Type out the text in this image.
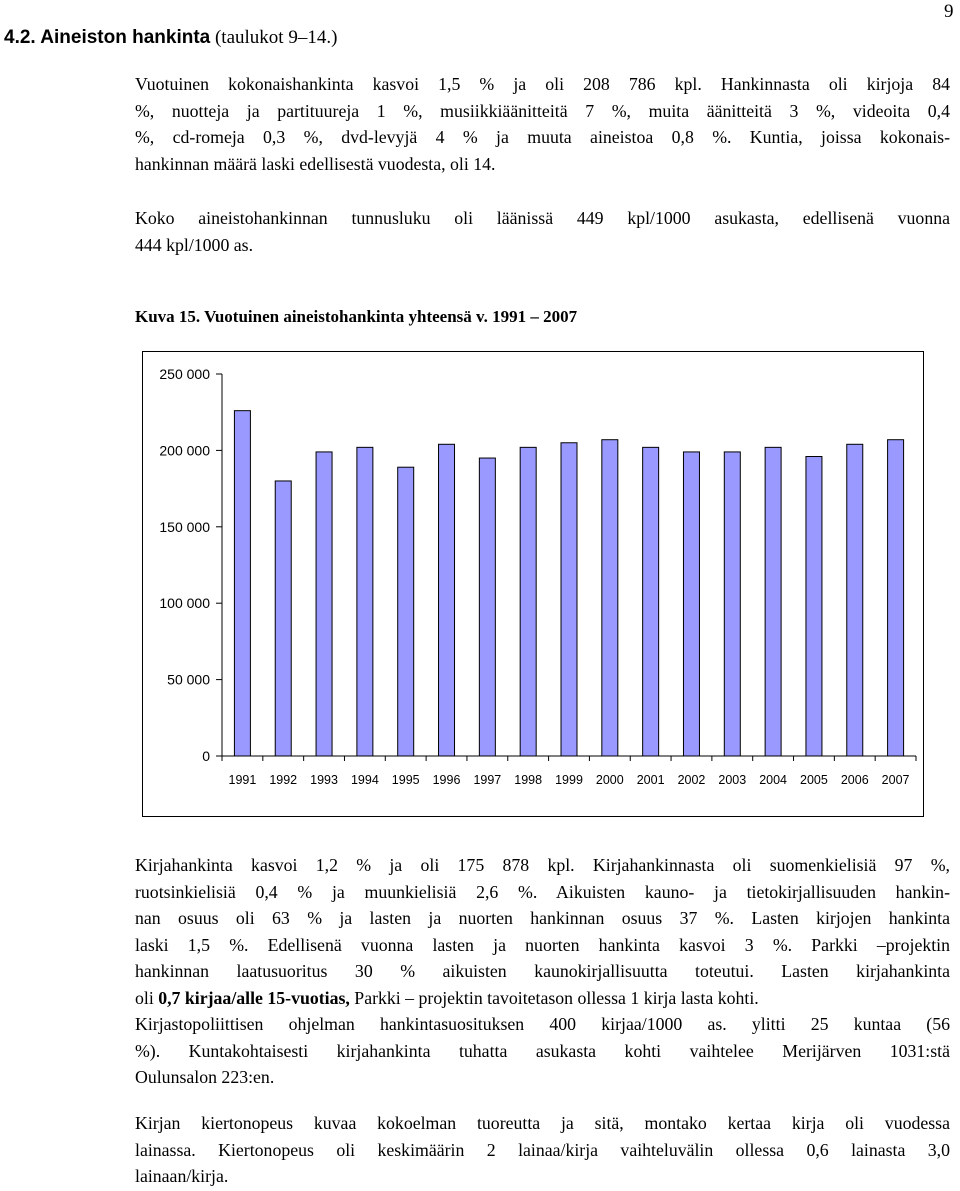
9
4.2. Aineiston hankinta (taulukot 9–14.)
Vuotuinen kokonaishankinta kasvoi 1,5 % ja oli 208 786 kpl. Hankinnasta oli kirjoja 84
%, nuotteja ja partituureja 1 %, musiikkiäänitteitä 7 %, muita äänitteitä 3 %, videoita 0,4
%, cd-romeja 0,3 %, dvd-levyjä 4 % ja muuta aineistoa 0,8 %. Kuntia, joissa kokonais-
hankinnan määrä laski edellisestä vuodesta, oli 14.
Koko aineistohankinnan tunnusluku oli läänissä 449 kpl/1000 asukasta, edellisenä vuonna
444 kpl/1000 as.
Kuva 15. Vuotuinen aineistohankinta yhteensä v. 1991 – 2007
0
50 000
100 000
150 000
200 000
250 000
1991 1992 1993 1994 1995 1996 1997 1998 1999 2000 2001 2002 2003 2004 2005 2006 2007
Kirjahankinta kasvoi 1,2 % ja oli 175 878 kpl. Kirjahankinnasta oli suomenkielisiä 97 %,
ruotsinkielisiä 0,4 % ja muunkielisiä 2,6 %. Aikuisten kauno- ja tietokirjallisuuden hankin-
nan osuus oli 63 % ja lasten ja nuorten hankinnan osuus 37 %. Lasten kirjojen hankinta
laski 1,5 %. Edellisenä vuonna lasten ja nuorten hankinta kasvoi 3 %. Parkki –projektin
hankinnan laatusuoritus 30 % aikuisten kaunokirjallisuutta toteutui. Lasten kirjahankinta
oli 0,7 kirjaa/alle 15-vuotias, Parkki – projektin tavoitetason ollessa 1 kirja lasta kohti.
Kirjastopoliittisen ohjelman hankintasuosituksen 400 kirjaa/1000 as. ylitti 25 kuntaa (56
%). Kuntakohtaisesti kirjahankinta tuhatta asukasta kohti vaihtelee Merijärven 1031:stä
Oulunsalon 223:en.
Kirjan kiertonopeus kuvaa kokoelman tuoreutta ja sitä, montako kertaa kirja oli vuodessa
lainassa. Kiertonopeus oli keskimäärin 2 lainaa/kirja vaihteluvälin ollessa 0,6 lainasta 3,0
lainaan/kirja.
